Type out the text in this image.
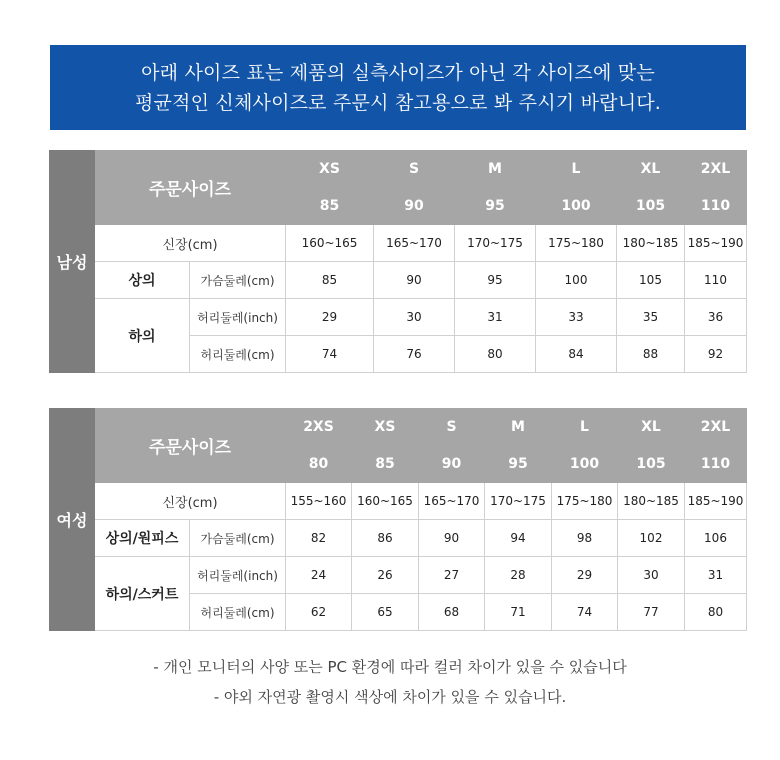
아래 사이즈 표는 제품의 실측사이즈가 아닌 각 사이즈에 맞는
평균적인 신체사이즈로 주문시 참고용으로 봐 주시기 바랍니다.
남성	주문사이즈		XS	S	M	L	XL	2XL
			85	90	95	100	105	110
	신장(cm)		160~165	165~170	170~175	175~180	180~185	185~190
	상의	가슴둘레(cm)	85	90	95	100	105	110
	하의	허리둘레(inch)	29	30	31	33	35	36
		허리둘레(cm)	74	76	80	84	88	92
여성	주문사이즈		2XS	XS	S	M	L	XL	2XL
			80	85	90	95	100	105	110
	신장(cm)		155~160	160~165	165~170	170~175	175~180	180~185	185~190
	상의/원피스	가슴둘레(cm)	82	86	90	94	98	102	106
	하의/스커트	허리둘레(inch)	24	26	27	28	29	30	31
		허리둘레(cm)	62	65	68	71	74	77	80
- 개인 모니터의 사양 또는 PC 환경에 따라 컬러 차이가 있을 수 있습니다
- 야외 자연광 촬영시 색상에 차이가 있을 수 있습니다.
